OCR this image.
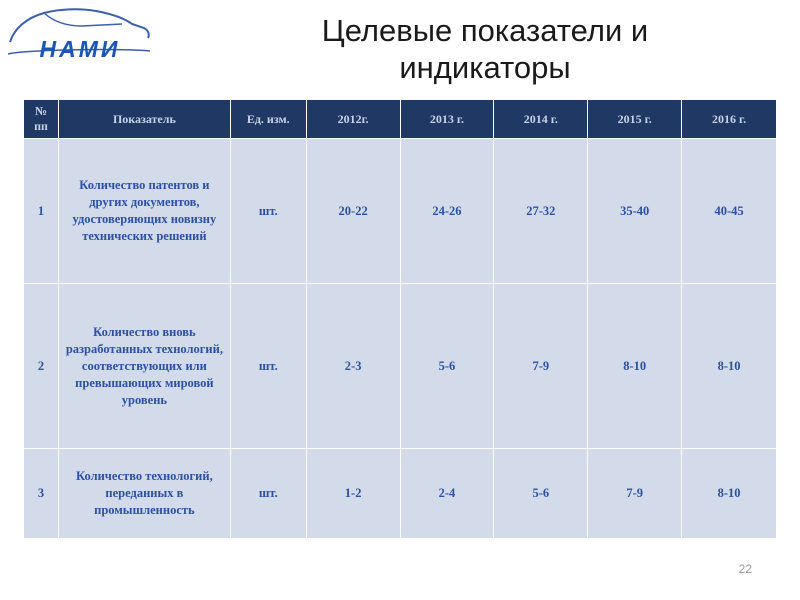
НАМИ
Целевые показатели и индикаторы
№ пп	Показатель	Ед. изм.	2012г.	2013 г.	2014 г.	2015 г.	2016 г.
1	Количество патентов и других документов, удостоверяющих новизну технических решений	шт.	20-22	24-26	27-32	35-40	40-45
2	Количество вновь разработанных технологий, соответствующих или превышающих мировой уровень	шт.	2-3	5-6	7-9	8-10	8-10
3	Количество технологий, переданных в промышленность	шт.	1-2	2-4	5-6	7-9	8-10
22
